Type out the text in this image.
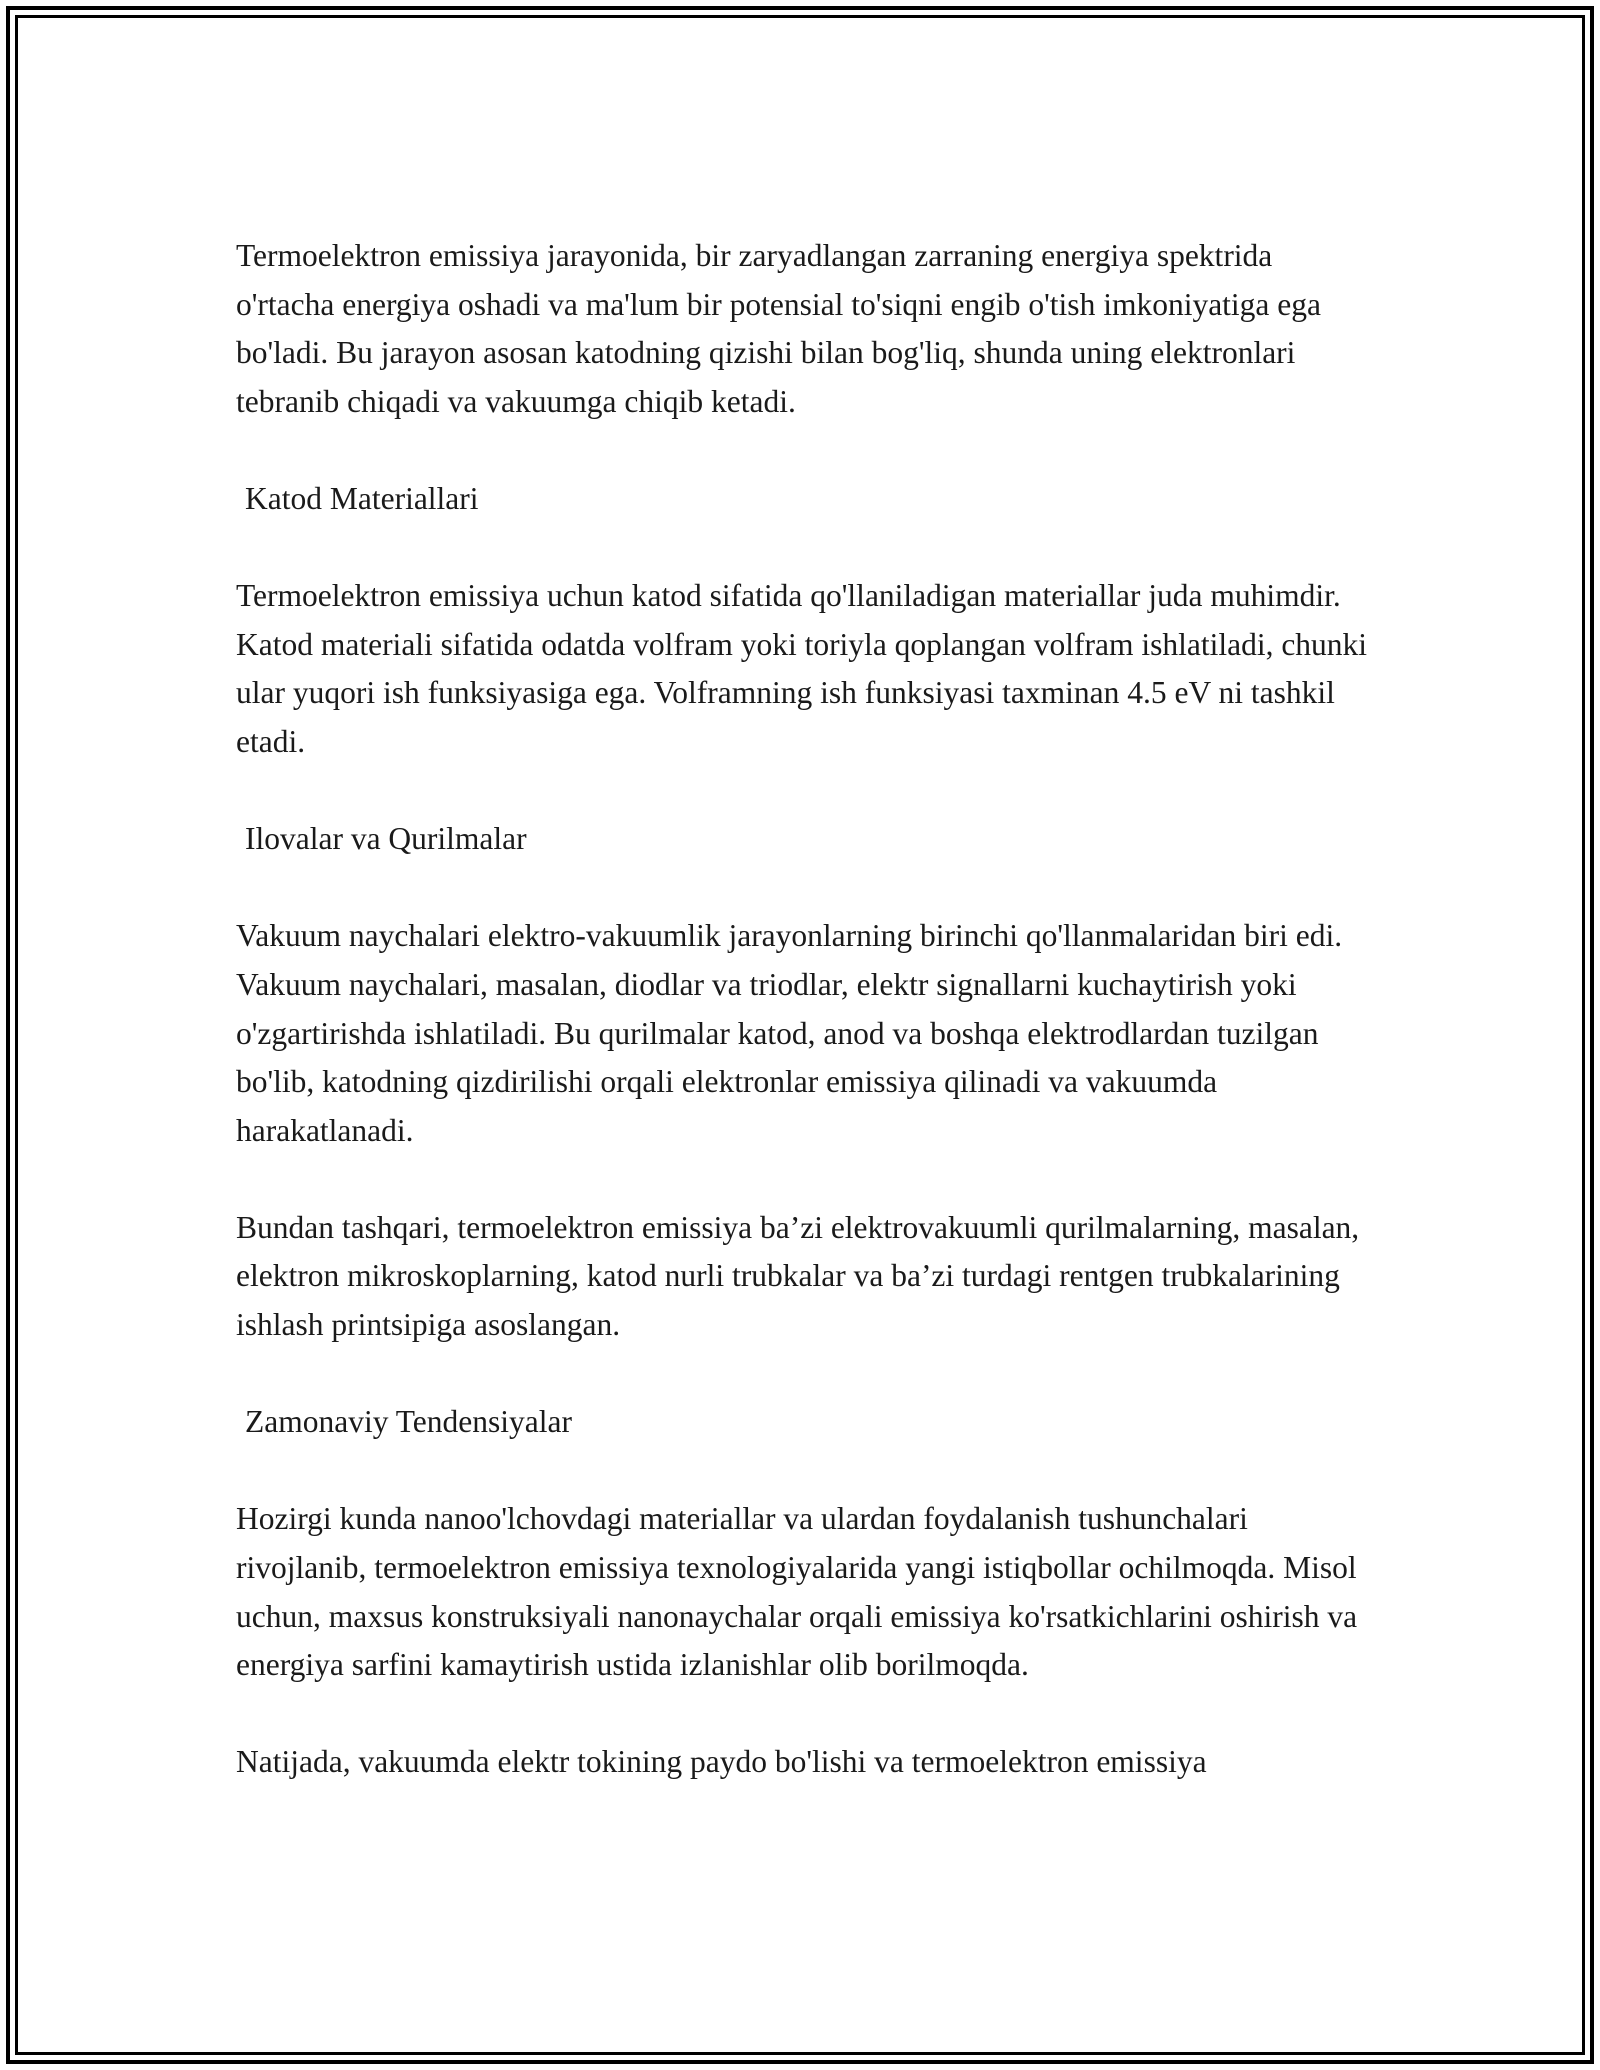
Termoelektron emissiya jarayonida, bir zaryadlangan zarraning energiya spektrida o'rtacha energiya oshadi va ma'lum bir potensial to'siqni engib o'tish imkoniyatiga ega bo'ladi. Bu jarayon asosan katodning qizishi bilan bog'liq, shunda uning elektronlari tebranib chiqadi va vakuumga chiqib ketadi.

Katod Materiallari

Termoelektron emissiya uchun katod sifatida qo'llaniladigan materiallar juda muhimdir. Katod materiali sifatida odatda volfram yoki toriyla qoplangan volfram ishlatiladi, chunki ular yuqori ish funksiyasiga ega. Volframning ish funksiyasi taxminan 4.5 eV ni tashkil etadi.

Ilovalar va Qurilmalar

Vakuum naychalari elektro-vakuumlik jarayonlarning birinchi qo'llanmalaridan biri edi. Vakuum naychalari, masalan, diodlar va triodlar, elektr signallarni kuchaytirish yoki o'zgartirishda ishlatiladi. Bu qurilmalar katod, anod va boshqa elektrodlardan tuzilgan bo'lib, katodning qizdirilishi orqali elektronlar emissiya qilinadi va vakuumda harakatlanadi.

Bundan tashqari, termoelektron emissiya ba’zi elektrovakuumli qurilmalarning, masalan, elektron mikroskoplarning, katod nurli trubkalar va ba’zi turdagi rentgen trubkalarining ishlash printsipiga asoslangan.

Zamonaviy Tendensiyalar

Hozirgi kunda nanoo'lchovdagi materiallar va ulardan foydalanish tushunchalari rivojlanib, termoelektron emissiya texnologiyalarida yangi istiqbollar ochilmoqda. Misol uchun, maxsus konstruksiyali nanonaychalar orqali emissiya ko'rsatkichlarini oshirish va energiya sarfini kamaytirish ustida izlanishlar olib borilmoqda.

Natijada, vakuumda elektr tokining paydo bo'lishi va termoelektron emissiya
